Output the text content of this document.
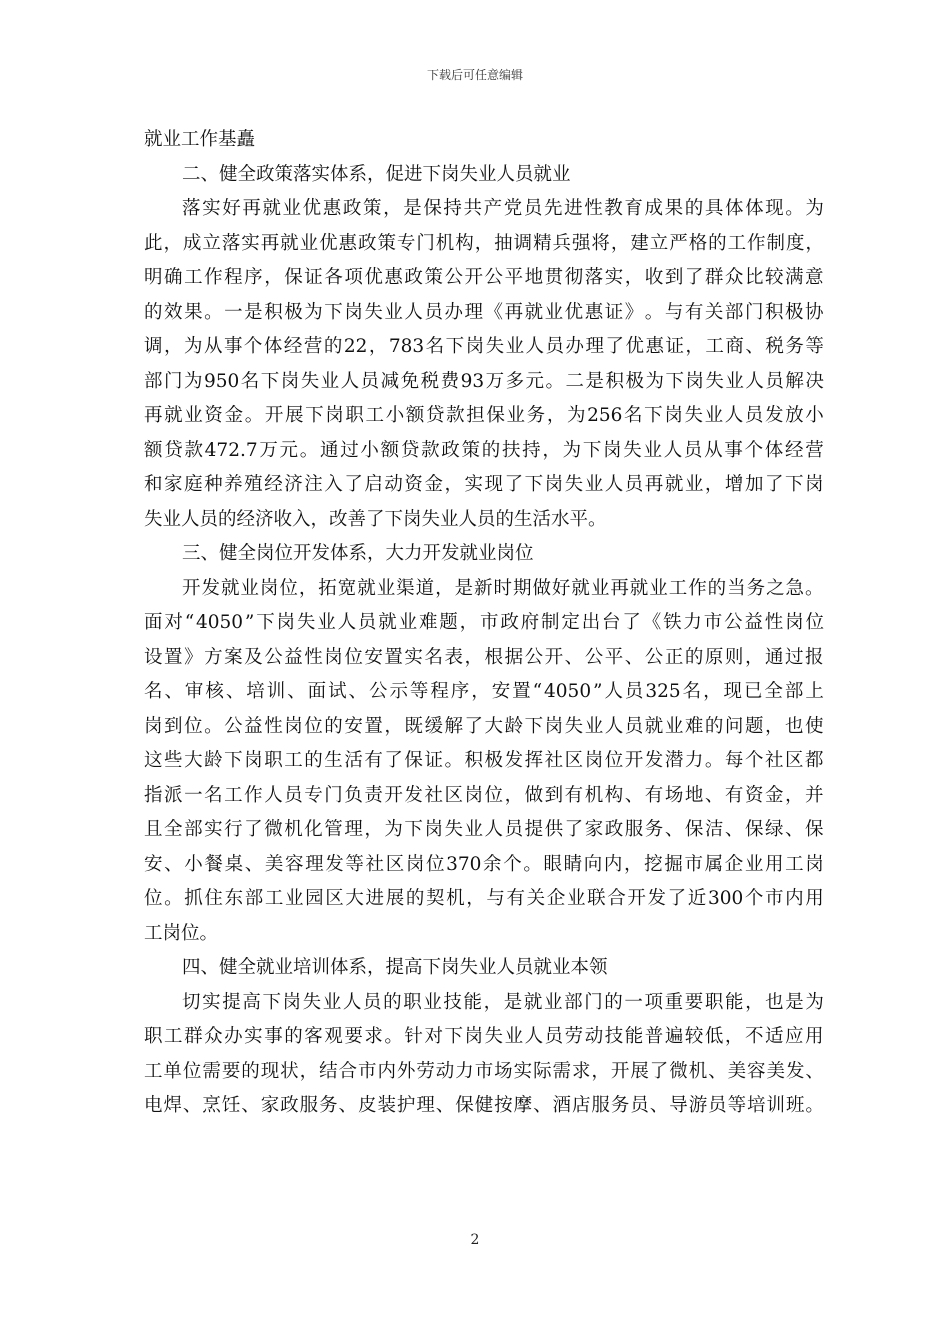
下载后可任意编辑
就业工作基矗
二、健全政策落实体系，促进下岗失业人员就业
落 实 好 再 就 业 优 惠 政 策 ， 是 保 持 共 产 党 员 先 进 性 教 育 成 果 的 具 体 体 现 。 为
此 ， 成 立 落 实 再 就 业 优 惠 政 策 专 门 机 构 ， 抽 调 精 兵 强 将 ， 建 立 严 格 的 工 作 制 度 ，
明 确 工 作 程 序 ， 保 证 各 项 优 惠 政 策 公 开 公 平 地 贯 彻 落 实 ， 收 到 了 群 众 比 较 满 意
的 效 果 。 一 是 积 极 为 下 岗 失 业 人 员 办 理 《 再 就 业 优 惠 证 》 。 与 有 关 部 门 积 极 协
调 ， 为 从 事 个 体 经 营 的 22 ， 783 名 下 岗 失 业 人 员 办 理 了 优 惠 证 ， 工 商 、 税 务 等
部 门 为 950 名 下 岗 失 业 人 员 减 免 税 费 93 万 多 元 。 二 是 积 极 为 下 岗 失 业 人 员 解 决
再 就 业 资 金 。 开 展 下 岗 职 工 小 额 贷 款 担 保 业 务 ， 为 256 名 下 岗 失 业 人 员 发 放 小
额 贷 款 472.7 万 元 。 通 过 小 额 贷 款 政 策 的 扶 持 ， 为 下 岗 失 业 人 员 从 事 个 体 经 营
和 家 庭 种 养 殖 经 济 注 入 了 启 动 资 金 ， 实 现 了 下 岗 失 业 人 员 再 就 业 ， 增 加 了 下 岗
失业人员的经济收入，改善了下岗失业人员的生活水平。
三、健全岗位开发体系，大力开发就业岗位
开 发 就 业 岗 位 ， 拓 宽 就 业 渠 道 ， 是 新 时 期 做 好 就 业 再 就 业 工 作 的 当 务 之 急 。
面 对 “ 4050 ” 下 岗 失 业 人 员 就 业 难 题 ， 市 政 府 制 定 出 台 了 《 铁 力 市 公 益 性 岗 位
设 置 》 方 案 及 公 益 性 岗 位 安 置 实 名 表 ， 根 据 公 开 、 公 平 、 公 正 的 原 则 ， 通 过 报
名 、 审 核 、 培 训 、 面 试 、 公 示 等 程 序 ， 安 置 “ 4050 ” 人 员 325 名 ， 现 已 全 部 上
岗 到 位 。 公 益 性 岗 位 的 安 置 ， 既 缓 解 了 大 龄 下 岗 失 业 人 员 就 业 难 的 问 题 ， 也 使
这 些 大 龄 下 岗 职 工 的 生 活 有 了 保 证 。 积 极 发 挥 社 区 岗 位 开 发 潜 力 。 每 个 社 区 都
指 派 一 名 工 作 人 员 专 门 负 责 开 发 社 区 岗 位 ， 做 到 有 机 构 、 有 场 地 、 有 资 金 ， 并
且 全 部 实 行 了 微 机 化 管 理 ， 为 下 岗 失 业 人 员 提 供 了 家 政 服 务 、 保 洁 、 保 绿 、 保
安 、 小 餐 桌 、 美 容 理 发 等 社 区 岗 位 370 余 个 。 眼 睛 向 内 ， 挖 掘 市 属 企 业 用 工 岗
位 。 抓 住 东 部 工 业 园 区 大 进 展 的 契 机 ， 与 有 关 企 业 联 合 开 发 了 近 300 个 市 内 用
工岗位。
四、健全就业培训体系，提高下岗失业人员就业本领
切 实 提 高 下 岗 失 业 人 员 的 职 业 技 能 ， 是 就 业 部 门 的 一 项 重 要 职 能 ， 也 是 为
职 工 群 众 办 实 事 的 客 观 要 求 。 针 对 下 岗 失 业 人 员 劳 动 技 能 普 遍 较 低 ， 不 适 应 用
工 单 位 需 要 的 现 状 ， 结 合 市 内 外 劳 动 力 市 场 实 际 需 求 ， 开 展 了 微 机 、 美 容 美 发 、
电 焊 、 烹 饪 、 家 政 服 务 、 皮 装 护 理 、 保 健 按 摩 、 酒 店 服 务 员 、 导 游 员 等 培 训 班 。
2
